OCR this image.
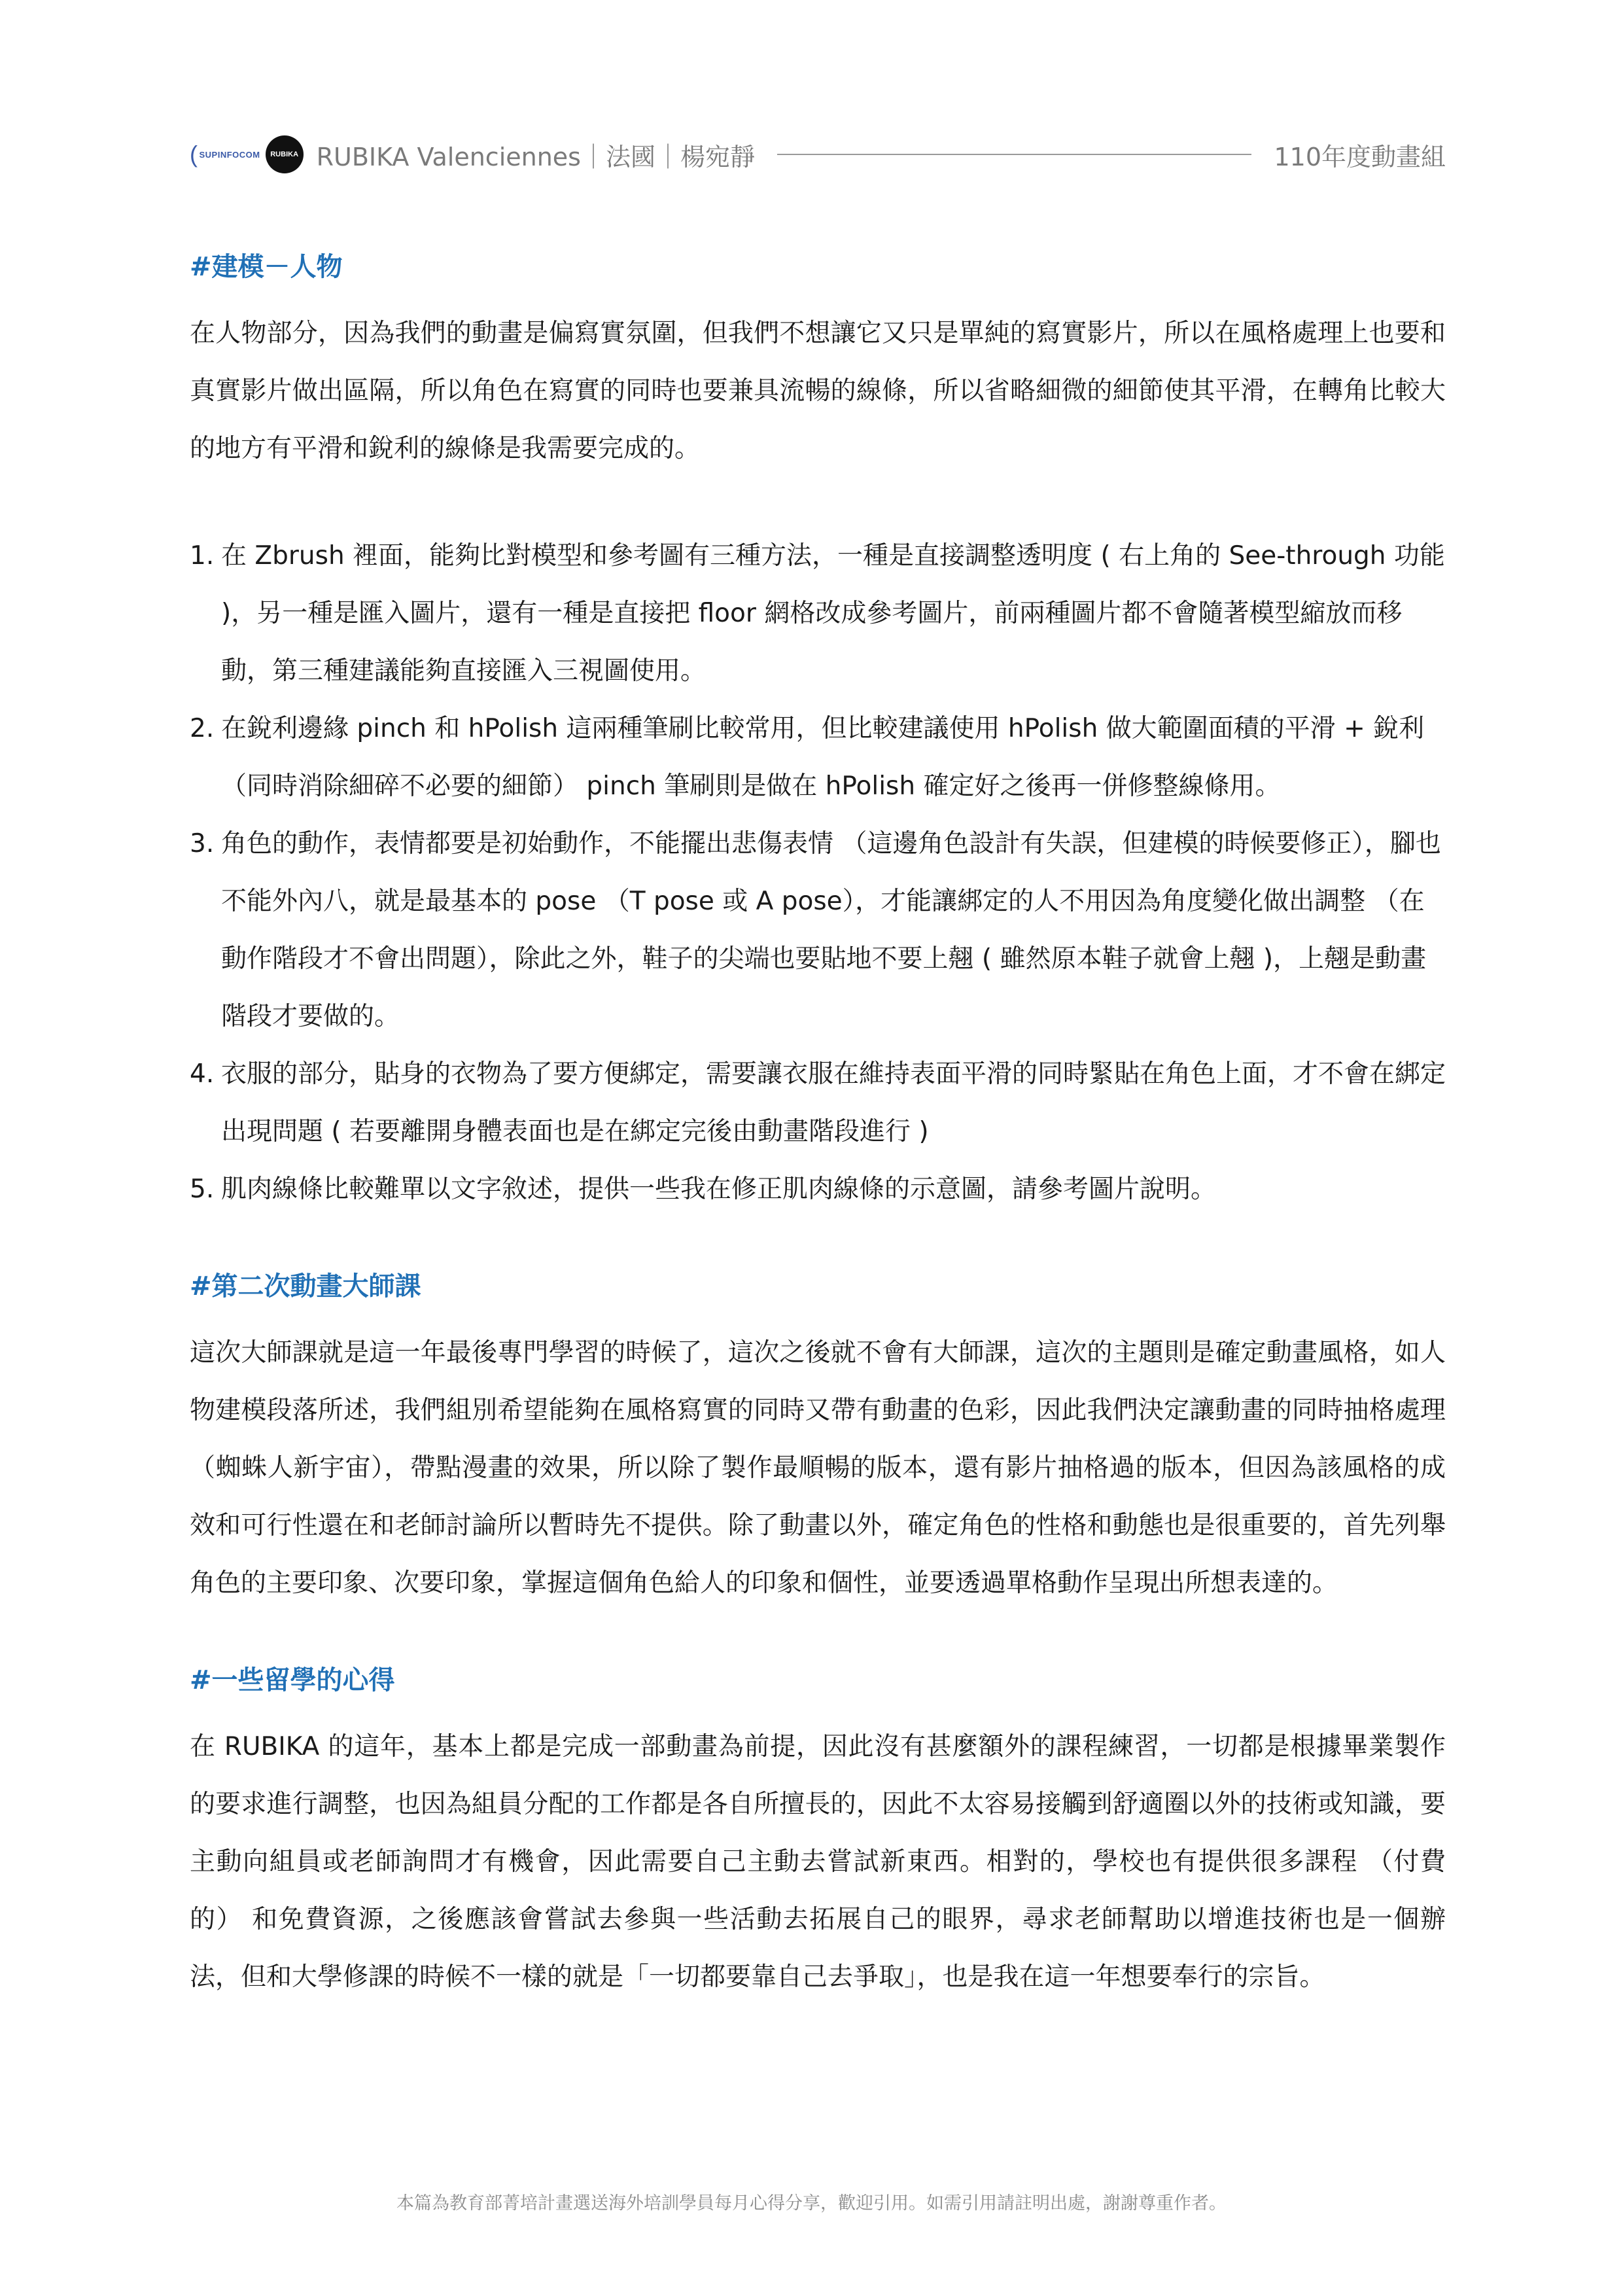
( SUPINFOCOM	RUBIKA RUBIKA Valenciennes｜法國｜楊宛靜	110年度動畫組
#建模－人物

在人物部分，因為我們的動畫是偏寫實氛圍，但我們不想讓它又只是單純的寫實影片，所以在風格處理上也要和真實影片做出區隔，所以角色在寫實的同時也要兼具流暢的線條，所以省略細微的細節使其平滑，在轉角比較大的地方有平滑和銳利的線條是我需要完成的。

1. 在 Zbrush 裡面，能夠比對模型和參考圖有三種方法，一種是直接調整透明度 ( 右上角的 See-through 功能 )，另一種是匯入圖片，還有一種是直接把 floor 網格改成參考圖片，前兩種圖片都不會隨著模型縮放而移動，第三種建議能夠直接匯入三視圖使用。
2. 在銳利邊緣 pinch 和 hPolish 這兩種筆刷比較常用，但比較建議使用 hPolish 做大範圍面積的平滑 + 銳利 （同時消除細碎不必要的細節） pinch 筆刷則是做在 hPolish 確定好之後再一併修整線條用。
3. 角色的動作，表情都要是初始動作，不能擺出悲傷表情 （這邊角色設計有失誤，但建模的時候要修正），腳也不能外內八，就是最基本的 pose （T pose 或 A pose），才能讓綁定的人不用因為角度變化做出調整 （在動作階段才不會出問題），除此之外，鞋子的尖端也要貼地不要上翹 ( 雖然原本鞋子就會上翹 )，上翹是動畫階段才要做的。
4. 衣服的部分，貼身的衣物為了要方便綁定，需要讓衣服在維持表面平滑的同時緊貼在角色上面，才不會在綁定出現問題 ( 若要離開身體表面也是在綁定完後由動畫階段進行 )
5. 肌肉線條比較難單以文字敘述，提供一些我在修正肌肉線條的示意圖，請參考圖片說明。
#第二次動畫大師課

這次大師課就是這一年最後專門學習的時候了，這次之後就不會有大師課，這次的主題則是確定動畫風格，如人物建模段落所述，我們組別希望能夠在風格寫實的同時又帶有動畫的色彩，因此我們決定讓動畫的同時抽格處理 （蜘蛛人新宇宙），帶點漫畫的效果，所以除了製作最順暢的版本，還有影片抽格過的版本，但因為該風格的成效和可行性還在和老師討論所以暫時先不提供。除了動畫以外，確定角色的性格和動態也是很重要的，首先列舉角色的主要印象、次要印象，掌握這個角色給人的印象和個性，並要透過單格動作呈現出所想表達的。

#一些留學的心得

在 RUBIKA 的這年，基本上都是完成一部動畫為前提，因此沒有甚麼額外的課程練習，一切都是根據畢業製作的要求進行調整，也因為組員分配的工作都是各自所擅長的，因此不太容易接觸到舒適圈以外的技術或知識，要主動向組員或老師詢問才有機會，因此需要自己主動去嘗試新東西。相對的，學校也有提供很多課程 （付費的） 和免費資源，之後應該會嘗試去參與一些活動去拓展自己的眼界，尋求老師幫助以增進技術也是一個辦法，但和大學修課的時候不一樣的就是「一切都要靠自己去爭取」，也是我在這一年想要奉行的宗旨。

本篇為教育部菁培計畫選送海外培訓學員每月心得分享，歡迎引用。如需引用請註明出處，謝謝尊重作者。
